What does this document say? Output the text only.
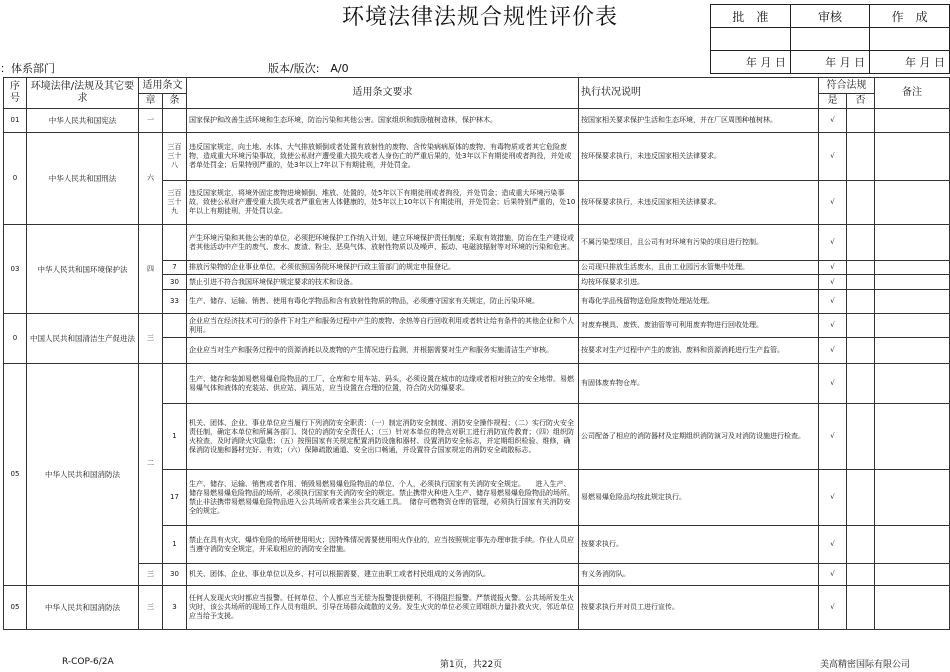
环境法律法规合规性评价表	批　准	审核	作　成

年 月 日	年 月 日	年 月 日
：体系部门	版本/版次:　A/0
序号	环境法律/法规及其它要求	适用条文		适用条文要求	执行状况说明	符合法规		备注
		章	条			是	否	
01	中华人民共和国宪法	一		国家保护和改善生活环境和生态环境，防治污染和其他公害。国家组织和鼓励植树造林，保护林木。	按国家相关要求保护生活和生态环境，并在厂区周围种植树林。	√		
0	中华人民共和国刑法	六	三百三十八	违反国家规定，向土地、水体、大气排放倾倒或者处置有放射性的废物、含传染病病原体的废物、有毒物质或者其它危险废物，造成重大环境污染事故，致使公私财产遭受重大损失或者人身伤亡的严重后果的，处3年以下有期徒刑或者拘役，并处或者单处罚金；后果特别严重的，处3年以上7年以下有期徒刑，并处罚金。	按环保要求执行，未违反国家相关法律要求。	√		
			三百三十九	违反国家规定，将境外固定废物进境倾倒、堆放、处置的，处5年以下有期徒刑或者拘役，并处罚金；造成重大环境污染事故，致使公私财产遭受重大损失或者严重危害人体健康的，处5年以上10年以下有期徒刑，并处罚金；后果特别严重的，处10年以上有期徒刑，并处罚以金。	按环保要求执行，未违反国家相关法律要求。	√		
03	中华人民共和国环境保护法	四		产生环境污染和其他公害的单位，必须把环境保护工作纳入计划，建立环境保护责任制度；采取有效措施，防治在生产建设或者其他活动中产生的废气、废水、废渣、粉尘、恶臭气体、放射性物质以及噪声、振动、电磁波辐射等对环境的污染和危害。	不属污染型项目，且公司有对环境有污染的项目进行控制。	√		
			7	排放污染物的企业事业单位，必须依照国务院环境保护行政主管部门的规定申报登记。	公司现只排放生活废水，且由工业园污水管集中处理。	√		
			30	禁止引进不符合我国环境保护规定要求的技术和设备。	均按环保要求引进。	√		
			33	生产、储存、运输、销售、使用有毒化学物品和含有放射性物质的物品，必须遵守国家有关规定，防止污染环境。	有毒化学品残留物送危险废物处理站处理。	√		
0	中国人民共和国清洁生产促进法	三		企业应当在经济技术可行的条件下对生产和服务过程中产生的废物、余热等自行回收利用或者转让给有条件的其他企业和个人利用。	对废弃模具、废铁、废油管等可利用废弃物进行回收处理。	√		
				企业应当对生产和服务过程中的资源消耗以及废物的产生情况进行监测，并根据需要对生产和服务实施清洁生产审核。	按要求对生产过程中产生的废油、废料和资源消耗进行生产监管。	√		
05	中华人民共和国消防法	二		生产、储存和装卸易燃易爆危险物品的工厂、仓库和专用车站、码头，必须设置在城市的边缘或者相对独立的安全地带。易燃易爆气体和液体的充装站、供应站、调压站，应当设置在合理的位置，符合防火防爆要求。	有固体废弃物仓库。	√		
			1	机关、团体、企业、事业单位应当履行下列消防安全职责：（一）制定消防安全制度、消防安全操作规程；（二）实行防火安全责任制，确定本单位和所属各部门、岗位的消防安全责任人；（三）针对本单位的特点对职工进行消防宣传教育；（四）组织防火检查，及时消除火灾隐患；（五）按照国家有关规定配置消防设施和器材、设置消防安全标志，并定期组织检验、维修，确保消防设施和器材完好、有效；（六）保障疏散通道、安全出口畅通，并设置符合国家规定的消防安全疏散标志。	公司配备了相应的消防器材及定期组织消防演习及对消防设施进行检查。	√		
			17	生产、储存、运输、销售或者作用、销毁易燃易爆危险物品的单位、个人，必须执行国家有关消防安全规定。　　进入生产、储存易燃易爆危险物品的场所，必须执行国家有关消防安全的规定。禁止携带火种进入生产、储存易燃易爆危险物品的场所。禁止非法携带易燃易爆危险物品进入公共场所或者乘坐公共交通工具。　储存可燃物资仓库的管理，必须执行国家有关消防安全的规定。	易燃易爆危险品均按此规定执行。	√		
			1	禁止在具有火灾、爆炸危险的场所使用明火；因特殊情况需要使用明火作业的，应当按照规定事先办理审批手续。作业人员应当遵守消防安全规定，并采取相应的消防安全措施。	按要求执行。	√		
		三	30	机关、团体、企业、事业单位以及乡、村可以根据需要，建立由职工或者村民组成的义务消防队。	有义务消防队。	√		
05	中华人民共和国消防法	三	3	任何人发现火灾时都应当报警。任何单位、个人都应当无偿为报警提供便利，不得阻拦报警。严禁谎报火警。公共场所发生火灾时，该公共场所的现场工作人员有组织、引导在场群众疏散的义务。发生火灾的单位必须立即组织力量扑救火灾，邻近单位应当给予支援。	按要求执行并对员工进行宣传。	√		
R-COP-6/2A	第1页，共22页	美高精密国际有限公司
